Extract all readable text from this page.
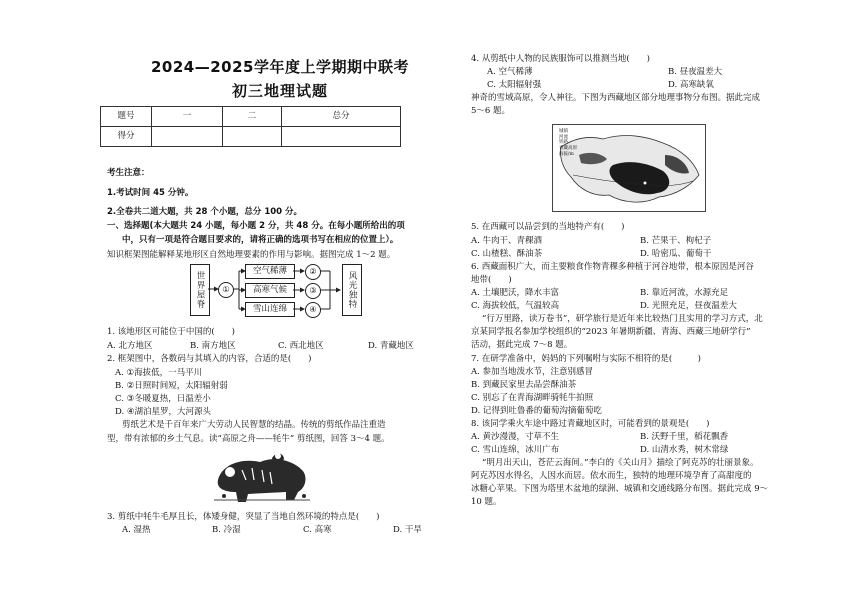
2024—2025学年度上学期期中联考
初三地理试题
题号	一	二	总分
得分			
考生注意：
1.考试时间 45 分钟。
2.全卷共二道大题，共 28 个小题，总分 100 分。
一、选择题(本大题共 24 小题，每小题 2 分，共 48 分。在每小题所给出的项
中，只有一项是符合题目要求的，请将正确的选项书写在相应的位置上）。
知识框架图能解释某地形区自然地理要素的作用与影响。据图完成 1～2 题。
世界屋脊	风光独特
①
空气稀薄
高寒气候
雪山连绵
②
③
④
1. 该地形区可能位于中国的(　　)
A. 北方地区	B. 南方地区	C. 西北地区	D. 青藏地区
2. 框架图中，各数码与其填入的内容，合适的是(　　)
A. ①海拔低，一马平川
B. ②日照时间短，太阳辐射弱
C. ③冬暖夏热，日温差小
D. ④湖泊星罗，大河源头
剪纸艺术是千百年来广大劳动人民智慧的结晶。传统的剪纸作品注重造
型，带有浓郁的乡土气息。读“高原之舟——牦牛” 剪纸图，回答 3～4 题。
3. 剪纸中牦牛毛厚且长，体矮身健，突显了当地自然环境的特点是(　　)
A. 湿热	B. 冷湿	C. 高寒	D. 干旱
4. 从剪纸中人物的民族服饰可以推测当地(　　)
A. 空气稀薄	B. 昼夜温差大
C. 太阳辐射强	D. 高寒缺氧
神奇的雪域高原，令人神往。下图为西藏地区部分地理事物分布图。据此完成
5～6 题。
城镇
河流
铁路
青藏高原
海拔/m
5. 在西藏可以品尝到的当地特产有(　　)
A. 牛肉干、青稞酒	B. 芒果干、枸杞子
C. 山楂糕、酥油茶	D. 哈密瓜、葡萄干
6. 西藏面积广大，而主要粮食作物青稞多种植于河谷地带，根本原因是河谷
地带(　　)
A. 土壤肥沃，降水丰富	B. 靠近河流，水源充足
C. 海拔较低，气温较高	D. 光照充足，昼夜温差大
“行万里路，读万卷书”，研学旅行是近年来比较热门且实用的学习方式，北
京某同学报名参加学校组织的“2023 年暑期新疆、青海、西藏三地研学行”
活动，据此完成 7～8 题。
7. 在研学准备中，妈妈的下列嘱咐与实际不相符的是(　　　)
A. 参加当地泼水节，注意别感冒
B. 到藏民家里去品尝酥油茶
C. 别忘了在青海湖畔骑牦牛拍照
D. 记得到吐鲁番的葡萄沟摘葡萄吃
8. 该同学乘火车途中路过青藏地区时，可能看到的景观是(　　)
A. 黄沙漫漫，寸草不生	B. 沃野千里，稻花飘香
C. 雪山连绵，冰川广布	D. 山清水秀，树木常绿
“明月出天山，苍茫云海间。”李白的《关山月》描绘了阿克苏的壮丽景象。
阿克苏因水得名，人因水而居。依水而生，独特的地理环境孕育了高甜度的
冰糖心苹果。下图为塔里木盆地的绿洲、城镇和交通线路分布图。据此完成 9～
10 题。
